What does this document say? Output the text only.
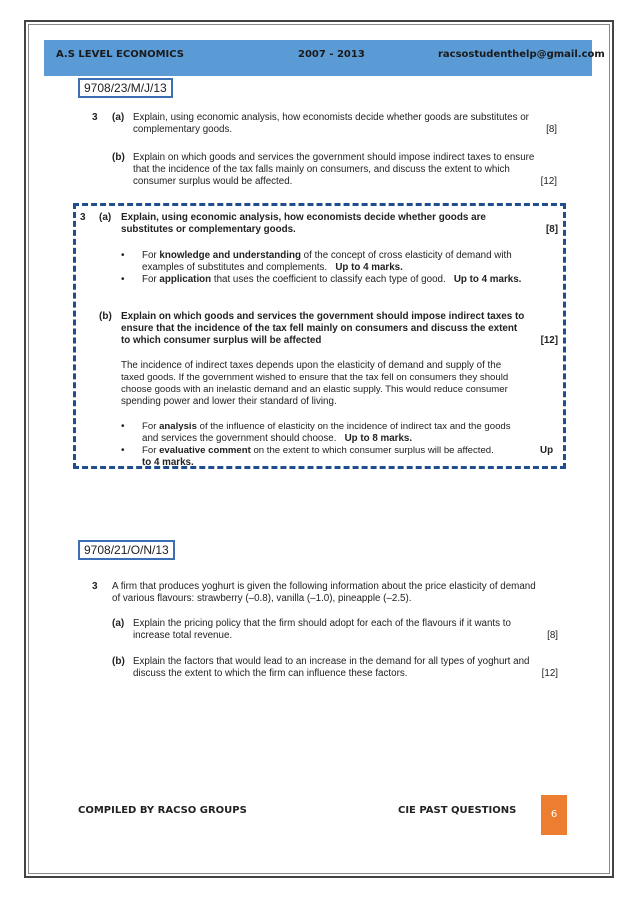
A.S LEVEL ECONOMICS	2007 - 2013	racsostudenthelp@gmail.com
9708/23/M/J/13
3 (a) Explain, using economic analysis, how economists decide whether goods are substitutes or
complementary goods.	[8]
(b) Explain on which goods and services the government should impose indirect taxes to ensure
that the incidence of the tax falls mainly on consumers, and discuss the extent to which
consumer surplus would be affected.	[12]
3 (a) Explain, using economic analysis, how economists decide whether goods are
substitutes or complementary goods.	[8]
• For knowledge and understanding of the concept of cross elasticity of demand with
examples of substitutes and complements. Up to 4 marks.
• For application that uses the coefficient to classify each type of good. Up to 4 marks.
(b) Explain on which goods and services the government should impose indirect taxes to
ensure that the incidence of the tax fell mainly on consumers and discuss the extent
to which consumer surplus will be affected	[12]
The incidence of indirect taxes depends upon the elasticity of demand and supply of the
taxed goods. If the government wished to ensure that the tax fell on consumers they should
choose goods with an inelastic demand and an elastic supply. This would reduce consumer
spending power and lower their standard of living.
• For analysis of the influence of elasticity on the incidence of indirect tax and the goods
and services the government should choose. Up to 8 marks.
• For evaluative comment on the extent to which consumer surplus will be affected.	Up
to 4 marks.
9708/21/O/N/13
3 A firm that produces yoghurt is given the following information about the price elasticity of demand
of various flavours: strawberry (–0.8), vanilla (–1.0), pineapple (–2.5).
(a) Explain the pricing policy that the firm should adopt for each of the flavours if it wants to
increase total revenue.	[8]
(b) Explain the factors that would lead to an increase in the demand for all types of yoghurt and
discuss the extent to which the firm can influence these factors.	[12]
COMPILED BY RACSO GROUPS	CIE PAST QUESTIONS	6
